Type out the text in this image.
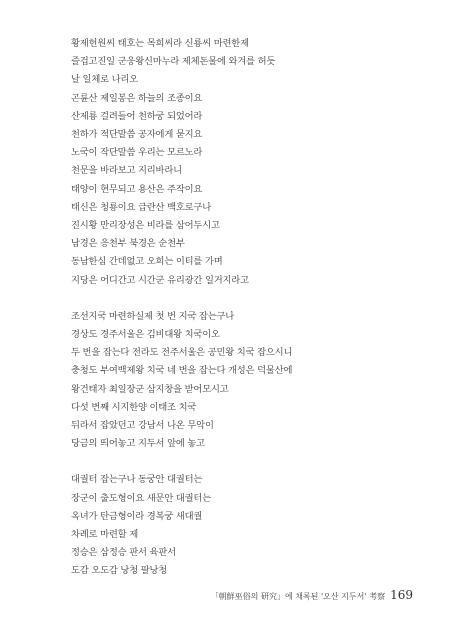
황제헌원씨 태호는 목희씨라 신룡씨 마련한제
즐겁고진일 군웅왕신마누라 제체돈물에 와겨를 허듯
날 일체로 나리오
곤륜산 제일봉은 하늘의 조종이요
산제룡 걸려들어 천하궁 되었어라
천하가 적단말씀 공자에게 묻지요
노국이 작단말씀 우리는 모르노라
천문을 바라보고 지리바라니
태양이 현무되고 용산은 주작이요
태신은 청룡이요 급란산 백호로구나
진시황 만리장성은 비라를 삼어두시고
남경은 응천부 북경은 순천부
동남한심 간데없고 오희는 이티를 가며
지당은 어디간고 시간군 유리광간 일거지라고
조선지국 마련하실제 첫 번 지국 잡는구나
경상도 경주서울은 김비대왕 치국이오
두 번을 잡는다 전라도 전주서울은 공민왕 치국 잡으시니
충청도 부여백제왕 치국 네 번을 잡는다 개성은 덕물산에
왕건태자 최일장군 삼지창을 받어모시고
다섯 번째 시지한양 이태조 치국
뒤라서 잡았던고 강남서 나온 무악이
당금의 띄어놓고 지두서 앞에 놓고
대궐터 잡는구나 동궁안 대궐터는
장군이 출도형이요 새문안 대궐터는
옥녀가 탄금형이라 경복궁 새대궐
차례로 마련할 제
정승은 삼정승 판서 육판서
도감 오도감 낭청 팔낭청
「朝鮮巫俗의 研究」에 채록된 '오산 지두서' 考察 169
